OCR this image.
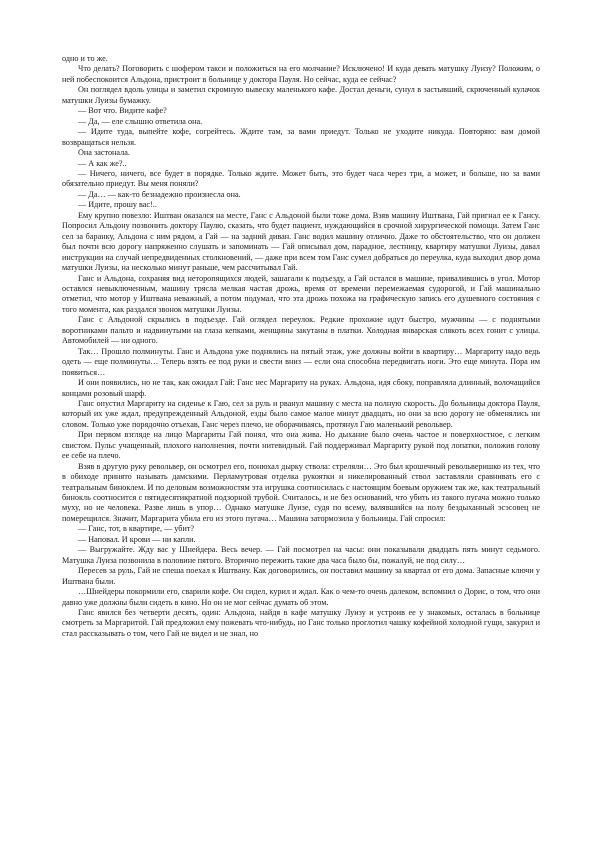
одно и то же.

Что делать? Поговорить с шофером такси и положиться на его молчание? Исключено! И куда девать матушку Луизу? Положим, о ней побеспокоится Альдона, пристроит в больнице у доктора Пауля. Но сейчас, куда ее сейчас?

Он поглядел вдоль улицы и заметил скромную вывеску маленького кафе. Достал деньги, сунул в застывший, скрюченный кулачок матушки Луизы бумажку.

— Вот что. Видите кафе?

— Да, — еле слышно ответила она.

— Идите туда, выпейте кофе, согрейтесь. Ждите там, за вами приедут. Только не уходите никуда. Повторяю: вам домой возвращаться нельзя.

Она застонала.

— А как же?..

— Ничего, ничего, все будет в порядке. Только ждите. Может быть, это будет часа через три, а может, и больше, но за вами обязательно приедут. Вы меня поняли?

— Да… — как-то безнадежно произнесла она.

— Идите, прошу вас!..

Ему крупно повезло: Иштван оказался на месте, Ганс с Альдоной были тоже дома. Взяв машину Иштвана, Гай пригнал ее к Гансу. Попросил Альдону позвонить доктору Паулю, сказать, что будет пациент, нуждающийся в срочной хирургической помощи. Затем Ганс сел за баранку, Альдона с ним рядом, а Гай — на задний диван. Ганс водил машину отлично. Даже то обстоятельство, что он должен был почти всю дорогу напряженно слушать и запоминать — Гай описывал дом, парадное, лестницу, квартиру матушки Луизы, давал инструкции на случай непредвиденных столкновений, — даже при всем том Ганс сумел добраться до переулка, куда выходил двор дома матушки Луизы, на несколько минут раньше, чем рассчитывал Гай.

Ганс и Альдона, сохраняя вид неторопящихся людей, зашагали к подъезду, а Гай остался в машине, привалившись в угол. Мотор оставлся невыключенным, машину трясла мелкая частая дрожь, время от времени перемежаемая судорогой, и Гай машинально отметил, что мотор у Иштвана неважный, а потом подумал, что эта дрожь похожа на графическую запись его душевного состояния с того момента, как раздался звонок матушки Луизы.

Ганс с Альдоной скрылись в подъезде. Гай оглядел переулок. Редкие прохожие идут быстро, мужчины — с поднятыми воротниками пальто и надвинутыми на глаза кепками, женщины закутаны в платки. Холодная январская слякоть всех гонит с улицы. Автомобилей — ни одного.

Так… Прошло полминуты. Ганс и Альдона уже поднялись на пятый этаж, уже должны войти в квартиру… Маргариту надо ведь одеть — еще полминуты… Теперь взять ее под руки и свести вниз — если она способна передвигать ноги. Это еще минута. Пора им появиться…

И они появились, но не так, как ожидал Гай: Ганс нес Маргариту на руках. Альдона, идя сбоку, поправляла длинный, волочащийся концами розовый шарф.

Ганс опустил Маргариту на сиденье к Гаю, сел за руль и рванул машину с места на полную скорость. До больницы доктора Пауля, который их уже ждал, предупрежденный Альдоной, езды было самое малое минут двадцать, но они за всю дорогу не обменялись ни словом. Только уже порядочно отъехав, Ганс через плечо, не оборачиваясь, протянул Гаю маленький револьвер.

При первом взгляде на лицо Маргариты Гай понял, что она жива. Но дыхание было очень частое и поверхностное, с легким свистом. Пульс учащенный, плохого наполнения, почти нитевидный. Гай поддерживал Маргариту рукой под лопатки, положив голову ее себе на плечо.

Взяв в другую руку револьвер, он осмотрел его, понюхал дырку ствола: стреляли… Это был крошечный револьверишко из тех, что в обиходе принято называть дамскими. Перламутровая отделка рукоятки и никелированный ствол заставляли сравнивать его с театральным биноклем. И по деловым возможностям эта игрушка соотносилась с настоящим боевым оружием так же, как театральный бинокль соотносится с пятидесятикратной подзорной трубой. Считалось, и не без оснований, что убить из такого пугача можно только муху, но не человека. Разве лишь в упор… Однако матушке Луизе, судя по всему, валявшийся на полу бездыханный эсэсовец не померещился. Значит, Маргарита убила его из этого пугача… Машина затормозила у больницы. Гай спросил:

— Ганс, тот, в квартире, — убит?

— Наповал. И крови — ни капли.

— Выгружайте. Жду вас у Шнейдера. Весь вечер. — Гай посмотрел на часы: они показывали двадцать пять минут седьмого. Матушка Луиза позвонила в половине пятого. Вторично пережить такие два часа было бы, пожалуй, не под силу…

Пересев за руль, Гай не спеша поехал к Иштвану. Как договорились, он поставил машину за квартал от его дома. Запасные ключи у Иштвана были.

…Шнейдеры покормили его, сварили кофе. Он сидел, курил и ждал. Как о чем-то очень далеком, вспомнил о Дорис, о том, что они давно уже должны были сидеть в кино. Но он не мог сейчас думать об этом.

Ганс явился без четверти десять, один: Альдона, найдя в кафе матушку Луизу и устроив ее у знакомых, осталась в больнице смотреть за Маргаритой. Гай предложил ему пожевать что-нибудь, но Ганс только проглотил чашку кофейной холодной гущи, закурил и стал рассказывать о том, чего Гай не видел и не знал, но
